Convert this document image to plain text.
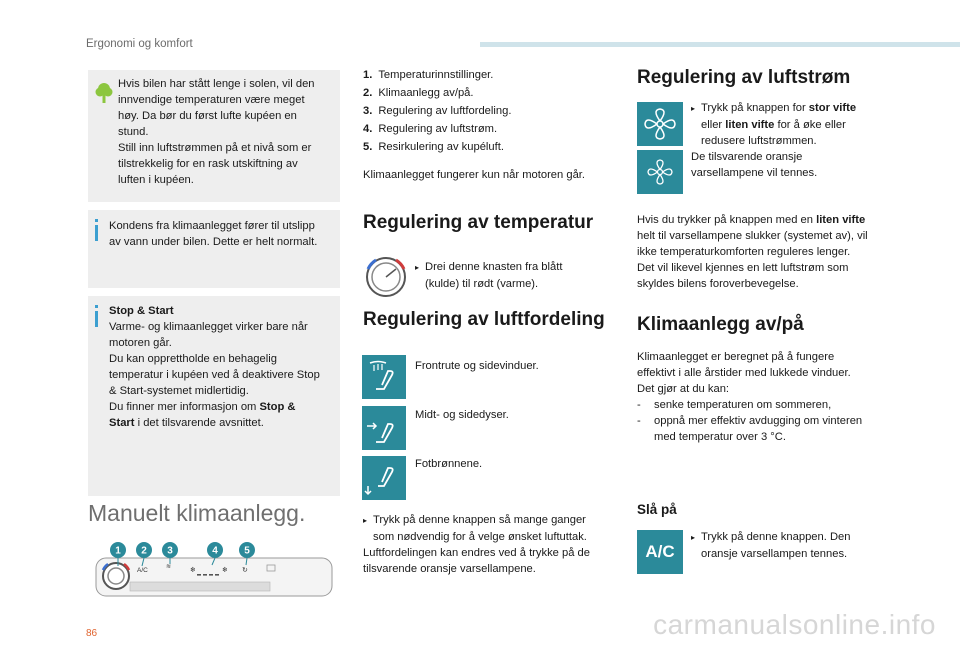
Ergonomi og komfort
Hvis bilen har stått lenge i solen, vil den
innvendige temperaturen være meget
høy. Da bør du først lufte kupéen en
stund.
Still inn luftstrømmen på et nivå som er
tilstrekkelig for en rask utskiftning av
luften i kupéen.
Kondens fra klimaanlegget fører til utslipp
av vann under bilen. Dette er helt normalt.
Stop & Start
Varme- og klimaanlegget virker bare når
motoren går.
Du kan opprettholde en behagelig
temperatur i kupéen ved å deaktivere Stop
& Start-systemet midlertidig.
Du finner mer informasjon om Stop &
Start i det tilsvarende avsnittet.
Manuelt klimaanlegg.
A/C
≋	❄	❄ ↻
1 2 3	4	5
1. Temperaturinnstillinger.
2. Klimaanlegg av/på.
3. Regulering av luftfordeling.
4. Regulering av luftstrøm.
5. Resirkulering av kupéluft.
Klimaanlegget fungerer kun når motoren går.
Regulering av temperatur
▸ Drei denne knasten fra blått
(kulde) til rødt (varme).
Regulering av luftfordeling
Frontrute og sidevinduer.
Midt- og sidedyser.
Fotbrønnene.
▸ Trykk på denne knappen så mange ganger
som nødvendig for å velge ønsket luftuttak.
Luftfordelingen kan endres ved å trykke på de
tilsvarende oransje varsellampene.
Regulering av luftstrøm
▸ Trykk på knappen for stor vifte
eller liten vifte for å øke eller
redusere luftstrømmen.
De tilsvarende oransje
varsellampene vil tennes.
Hvis du trykker på knappen med en liten vifte
helt til varsellampene slukker (systemet av), vil
ikke temperaturkomforten reguleres lenger.
Det vil likevel kjennes en lett luftstrøm som
skyldes bilens foroverbevegelse.
Klimaanlegg av/på
Klimaanlegget er beregnet på å fungere
effektivt i alle årstider med lukkede vinduer.
Det gjør at du kan:
- senke temperaturen om sommeren,
- oppnå mer effektiv avdugging om vinteren
med temperatur over 3 °C.
Slå på
A/C
▸ Trykk på denne knappen. Den
oransje varsellampen tennes.
86	carmanualsonline.info
